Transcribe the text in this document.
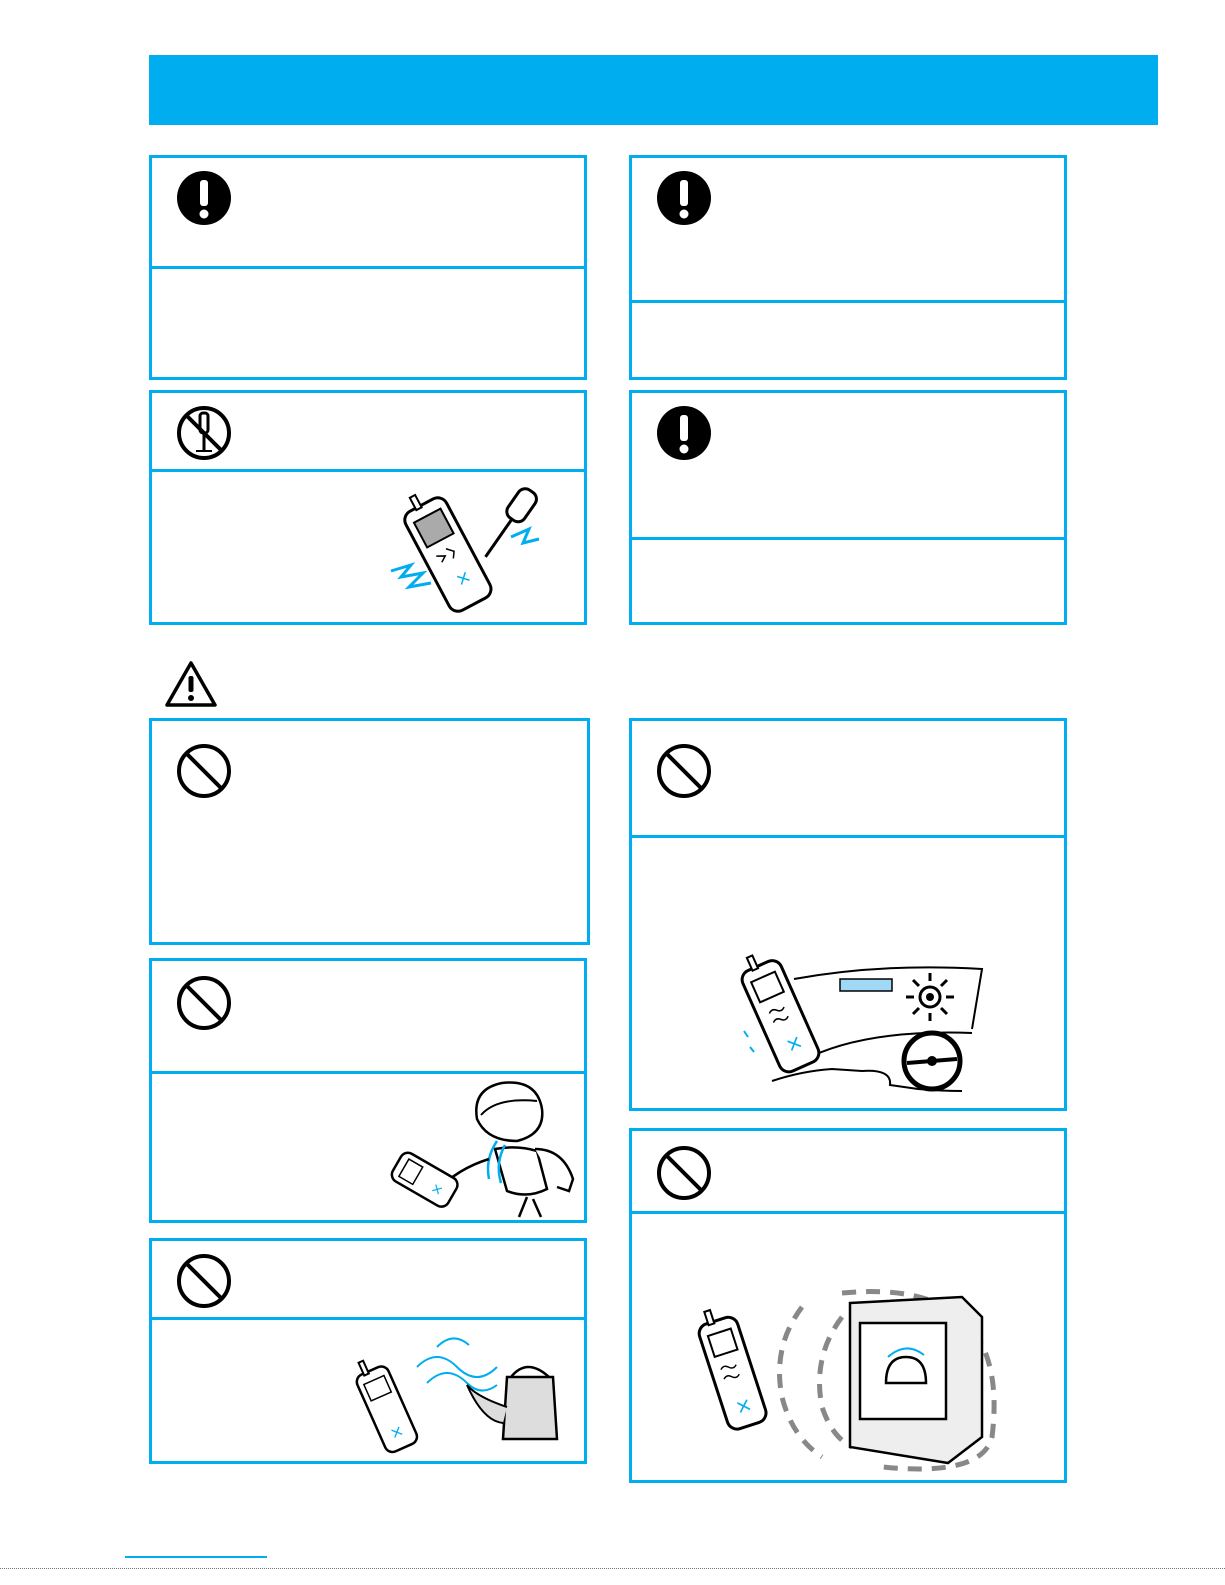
×
×
×
×
×
